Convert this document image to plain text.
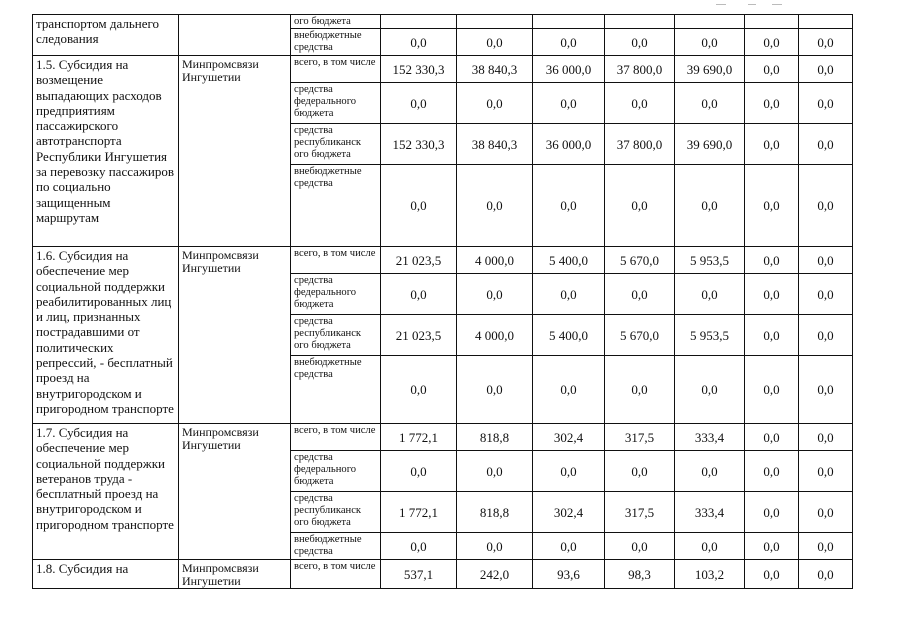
транспортом дальнего следования		ого бюджета							
		внебюджетные средства	0,0	0,0	0,0	0,0	0,0	0,0	0,0
1.5. Субсидия на возмещение выпадающих расходов предприятиям пассажирского автотранспорта Республики Ингушетия за перевозку пассажиров по социально защищенным маршрутам	Минпромсвязи Ингушетии	всего, в том числе	152 330,3	38 840,3	36 000,0	37 800,0	39 690,0	0,0	0,0
		средства федерального бюджета	0,0	0,0	0,0	0,0	0,0	0,0	0,0
		средства республиканск ого бюджета	152 330,3	38 840,3	36 000,0	37 800,0	39 690,0	0,0	0,0
		внебюджетные средства	0,0	0,0	0,0	0,0	0,0	0,0	0,0
1.6. Субсидия на обеспечение мер социальной поддержки реабилитированных лиц и лиц, признанных пострадавшими от политических репрессий, - бесплатный проезд на внутригородском и пригородном транспорте	Минпромсвязи Ингушетии	всего, в том числе	21 023,5	4 000,0	5 400,0	5 670,0	5 953,5	0,0	0,0
		средства федерального бюджета	0,0	0,0	0,0	0,0	0,0	0,0	0,0
		средства республиканск ого бюджета	21 023,5	4 000,0	5 400,0	5 670,0	5 953,5	0,0	0,0
		внебюджетные средства	0,0	0,0	0,0	0,0	0,0	0,0	0,0
1.7. Субсидия на обеспечение мер социальной поддержки ветеранов труда - бесплатный проезд на внутригородском и пригородном транспорте	Минпромсвязи Ингушетии	всего, в том числе	1 772,1	818,8	302,4	317,5	333,4	0,0	0,0
		средства федерального бюджета	0,0	0,0	0,0	0,0	0,0	0,0	0,0
		средства республиканск ого бюджета	1 772,1	818,8	302,4	317,5	333,4	0,0	0,0
		внебюджетные средства	0,0	0,0	0,0	0,0	0,0	0,0	0,0
1.8. Субсидия на	Минпромсвязи Ингушетии	всего, в том числе	537,1	242,0	93,6	98,3	103,2	0,0	0,0
